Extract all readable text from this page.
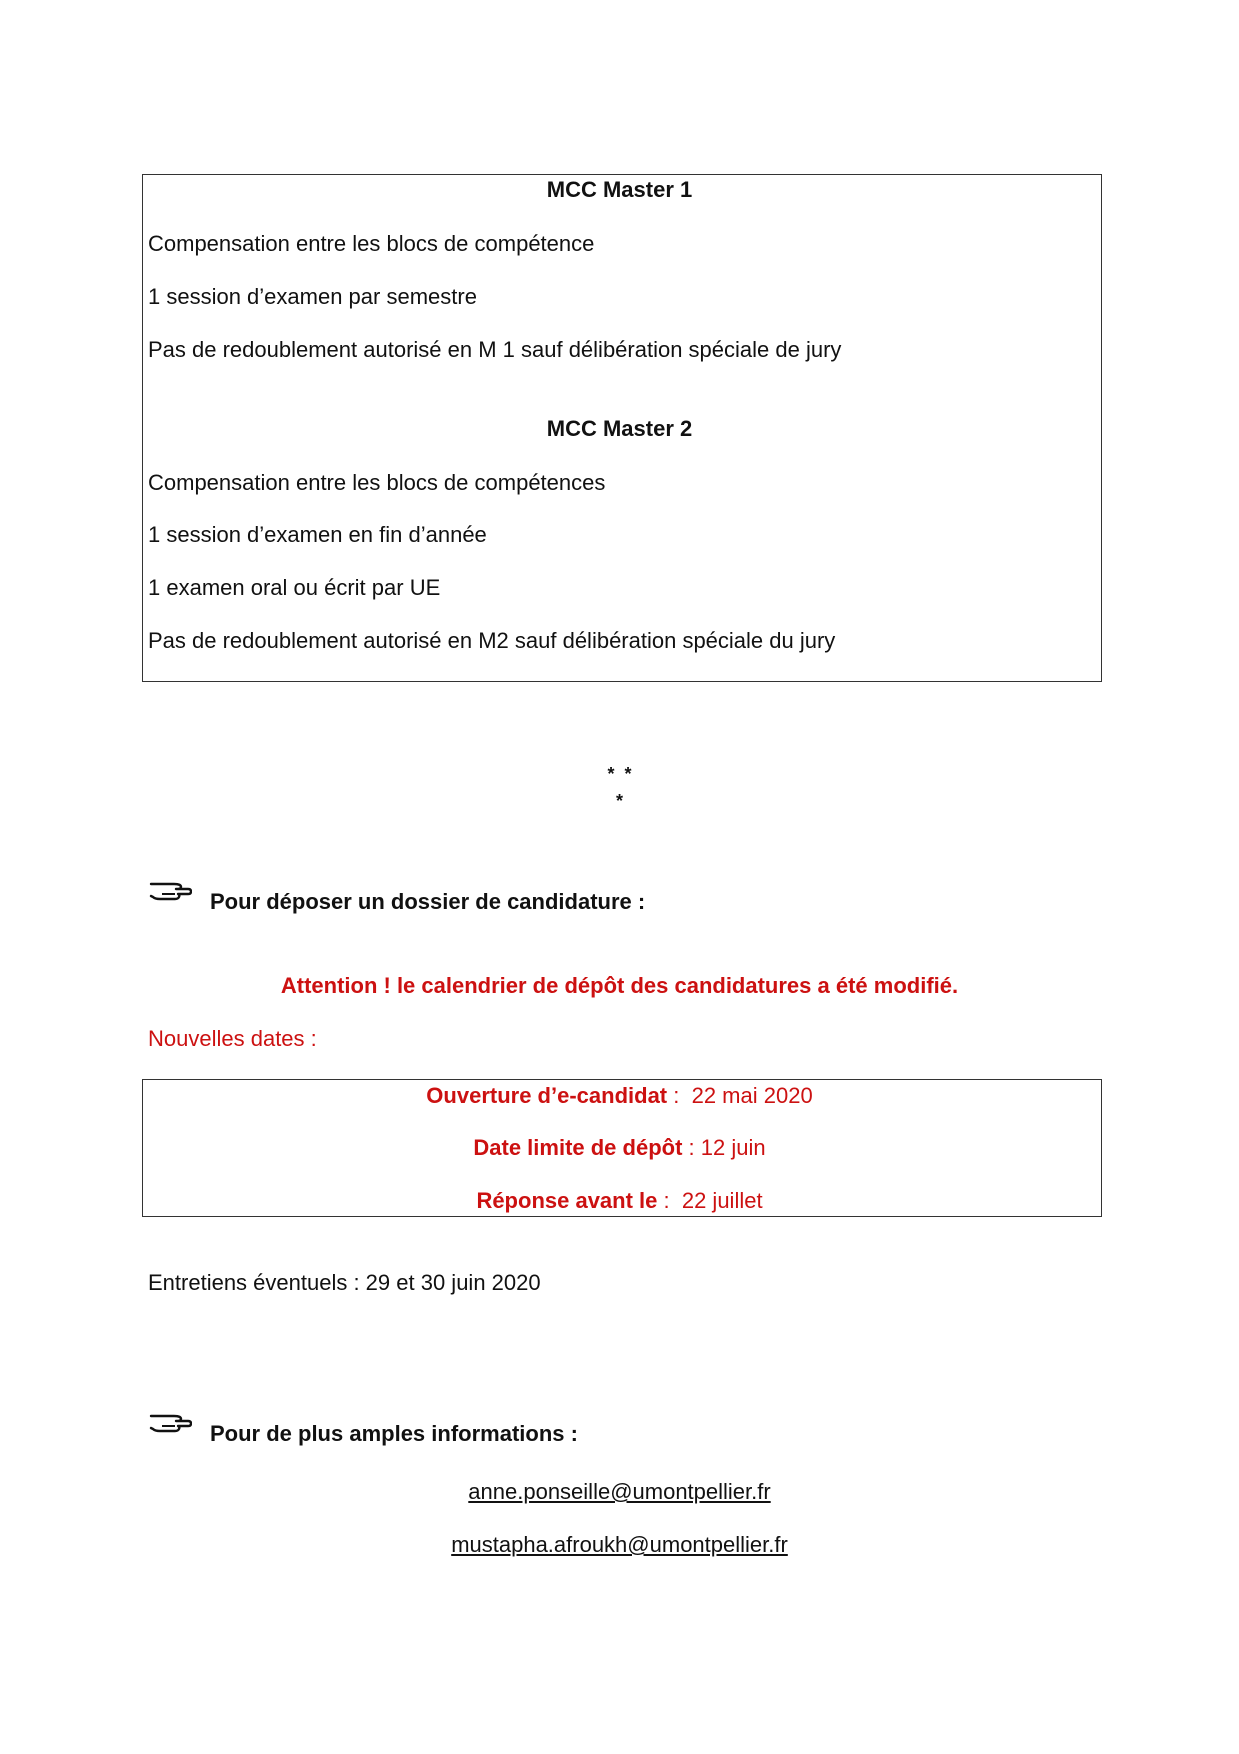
MCC Master 1
Compensation entre les blocs de compétence
1 session d’examen par semestre
Pas de redoublement autorisé en M 1 sauf délibération spéciale de jury
MCC Master 2
Compensation entre les blocs de compétences
1 session d’examen en fin d’année
1 examen oral ou écrit par UE
Pas de redoublement autorisé en M2 sauf délibération spéciale du jury
*  *
*
Pour déposer un dossier de candidature :
Attention ! le calendrier de dépôt des candidatures a été modifié.
Nouvelles dates :
Ouverture d’e-candidat :  22 mai 2020
Date limite de dépôt : 12 juin
Réponse avant le :  22 juillet
Entretiens éventuels : 29 et 30 juin 2020
Pour de plus amples informations :
anne.ponseille@umontpellier.fr
mustapha.afroukh@umontpellier.fr
